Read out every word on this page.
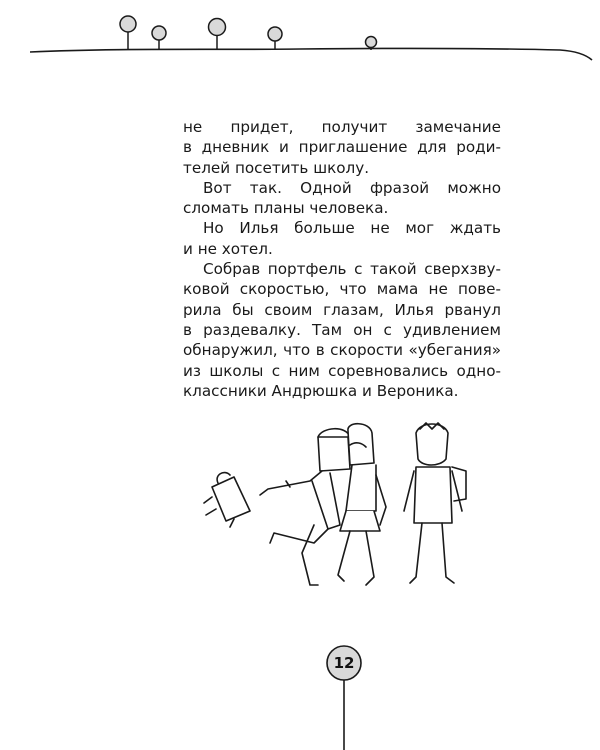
не придет, получит замечание
в дневник и приглашение для роди-
телей посетить школу.
Вот так. Одной фразой можно
сломать планы человека.
Но Илья больше не мог ждать
и не хотел.
Собрав портфель с такой сверхзву-
ковой скоростью, что мама не пове-
рила бы своим глазам, Илья рванул
в раздевалку. Там он с удивлением
обнаружил, что в скорости «убегания»
из школы с ним соревновались одно-
классники Андрюшка и Вероника.
12
